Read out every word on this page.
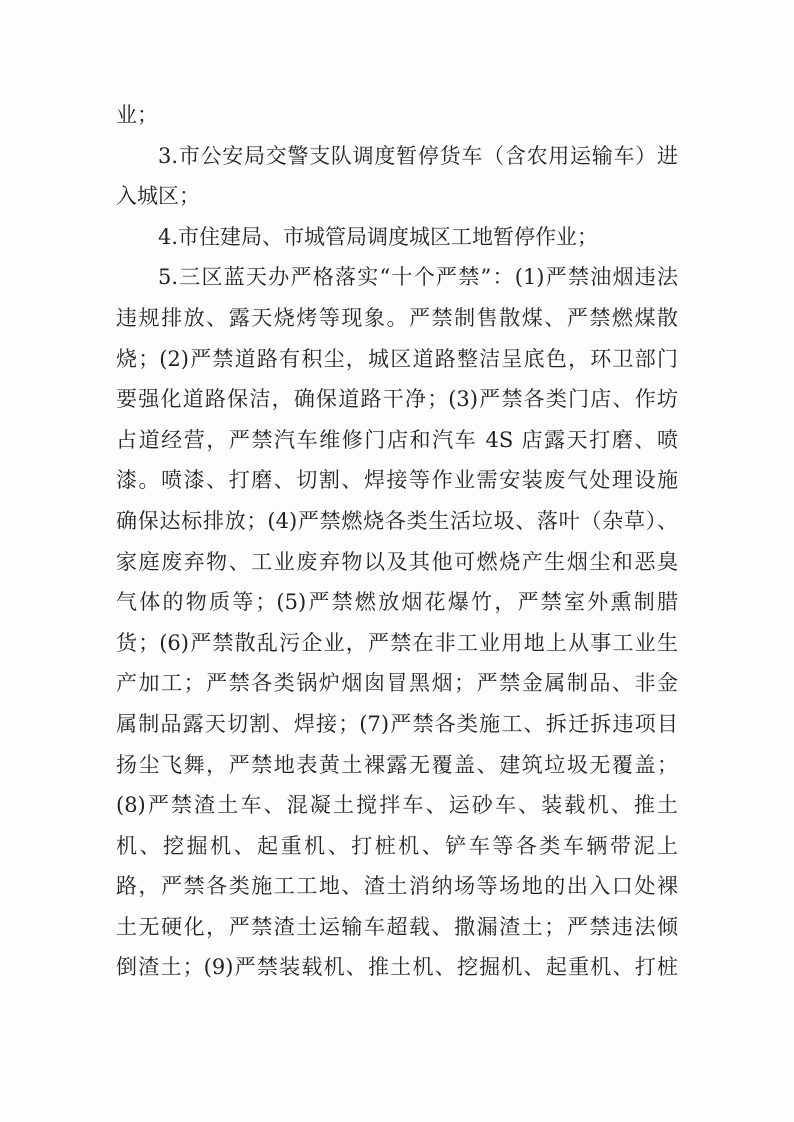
业；
3.市公安局交警支队调度暂停货车（含农用运输车）进
入城区；
4.市住建局、市城管局调度城区工地暂停作业；
5.三区蓝天办严格落实“十个严禁”：(1)严禁油烟违法
违规排放、露天烧烤等现象。严禁制售散煤、严禁燃煤散
烧；(2)严禁道路有积尘，城区道路整洁呈底色，环卫部门
要强化道路保洁，确保道路干净；(3)严禁各类门店、作坊
占道经营，严禁汽车维修门店和汽车 4S 店露天打磨、喷
漆。喷漆、打磨、切割、焊接等作业需安装废气处理设施
确保达标排放；(4)严禁燃烧各类生活垃圾、落叶（杂草）、
家庭废弃物、工业废弃物以及其他可燃烧产生烟尘和恶臭
气体的物质等；(5)严禁燃放烟花爆竹，严禁室外熏制腊
货；(6)严禁散乱污企业，严禁在非工业用地上从事工业生
产加工；严禁各类锅炉烟囱冒黑烟；严禁金属制品、非金
属制品露天切割、焊接；(7)严禁各类施工、拆迁拆违项目
扬尘飞舞，严禁地表黄土裸露无覆盖、建筑垃圾无覆盖；
(8)严禁渣土车、混凝土搅拌车、运砂车、装载机、推土
机、挖掘机、起重机、打桩机、铲车等各类车辆带泥上
路，严禁各类施工工地、渣土消纳场等场地的出入口处裸
土无硬化，严禁渣土运输车超载、撒漏渣土；严禁违法倾
倒渣土；(9)严禁装载机、推土机、挖掘机、起重机、打桩
